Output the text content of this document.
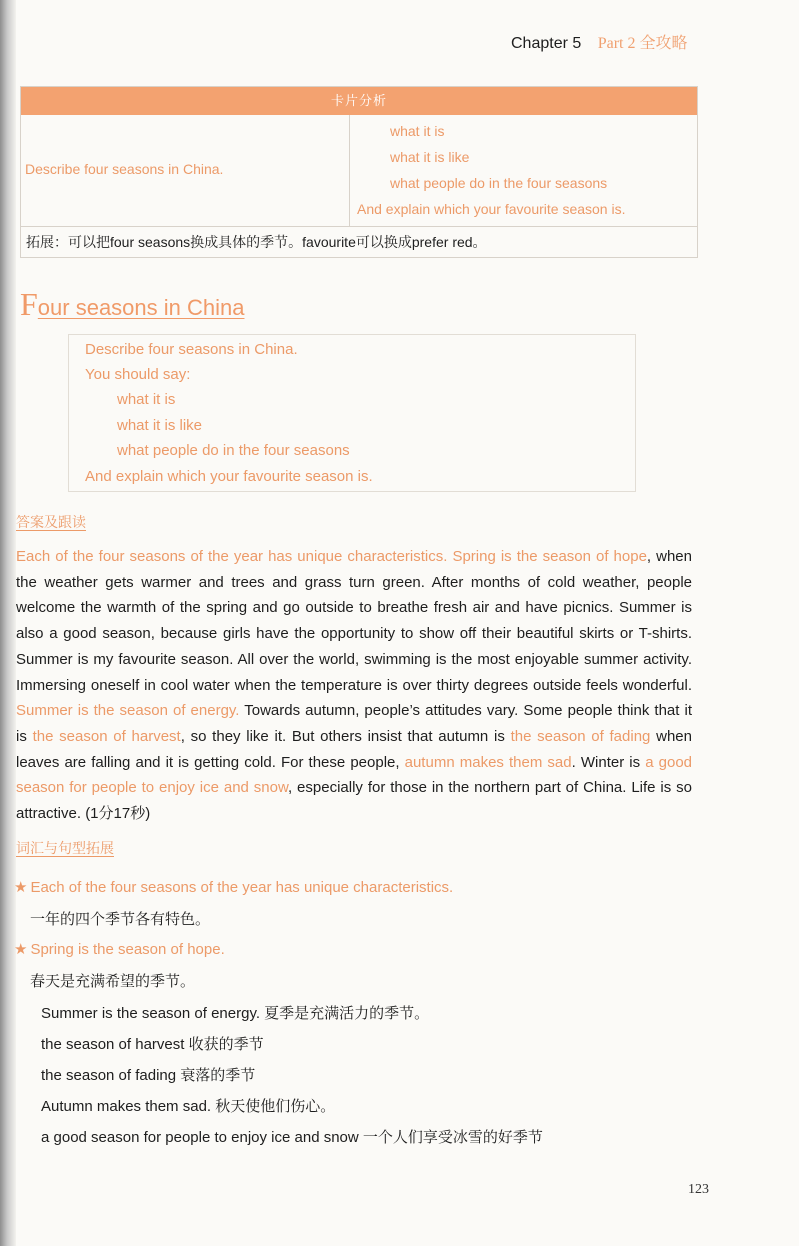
Chapter 5 Part 2 全攻略
卡片分析
Describe four seasons in China.
what it is
what it is like
what people do in the four seasons
And explain which your favourite season is.
拓展：可以把four seasons换成具体的季节。favourite可以换成prefer red。
Four seasons in China
Describe four seasons in China.
You should say:
what it is
what it is like
what people do in the four seasons
And explain which your favourite season is.
答案及跟读
Each of the four seasons of the year has unique characteristics. Spring is the season of hope, when the weather gets warmer and trees and grass turn green. After months of cold weather, people welcome the warmth of the spring and go outside to breathe fresh air and have picnics. Summer is also a good season, because girls have the opportunity to show off their beautiful skirts or T-shirts. Summer is my favourite season. All over the world, swimming is the most enjoyable summer activity. Immersing oneself in cool water when the temperature is over thirty degrees outside feels wonderful. Summer is the season of energy. Towards autumn, people’s attitudes vary. Some people think that it is the season of harvest, so they like it. But others insist that autumn is the season of fading when leaves are falling and it is getting cold. For these people, autumn makes them sad. Winter is a good season for people to enjoy ice and snow, especially for those in the northern part of China. Life is so attractive. (1分17秒)
词汇与句型拓展
★ Each of the four seasons of the year has unique characteristics.
一年的四个季节各有特色。
★ Spring is the season of hope.
春天是充满希望的季节。
Summer is the season of energy. 夏季是充满活力的季节。
the season of harvest 收获的季节
the season of fading 衰落的季节
Autumn makes them sad. 秋天使他们伤心。
a good season for people to enjoy ice and snow 一个人们享受冰雪的好季节
123
